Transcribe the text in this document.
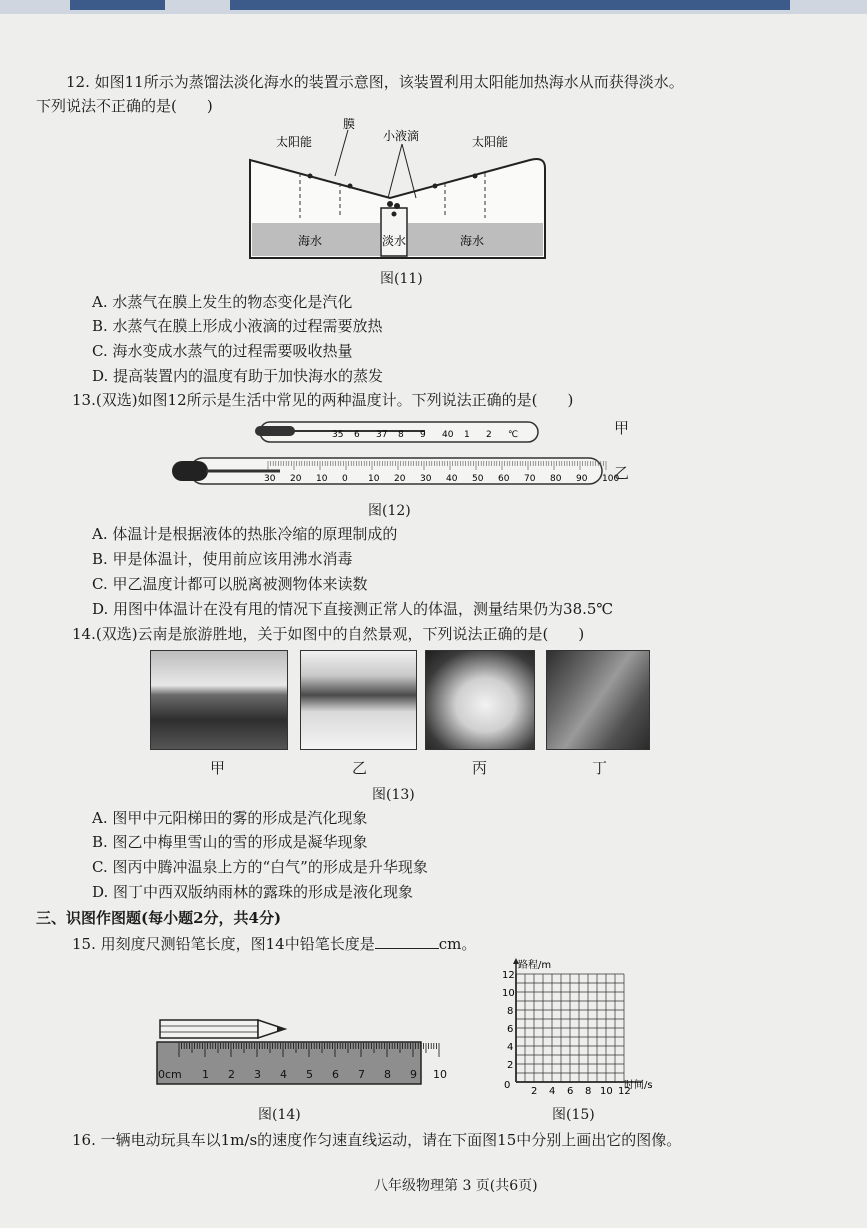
12. 如图11所示为蒸馏法淡化海水的装置示意图，该装置利用太阳能加热海水从而获得淡水。
下列说法不正确的是(　　)
太阳能
膜
小液滴	太阳能
海水	淡水	海水
图(11)
A. 水蒸气在膜上发生的物态变化是汽化
B. 水蒸气在膜上形成小液滴的过程需要放热
C. 海水变成水蒸气的过程需要吸收热量
D. 提高装置内的温度有助于加快海水的蒸发
13.(双选)如图12所示是生活中常见的两种温度计。下列说法正确的是(　　)
35 6 37 8 9 40 1 2 ℃
30 20 10 0 10 20 30 40 50 60 70 80 90 100
甲
乙
图(12)
A. 体温计是根据液体的热胀冷缩的原理制成的
B. 甲是体温计，使用前应该用沸水消毒
C. 甲乙温度计都可以脱离被测物体来读数
D. 用图中体温计在没有甩的情况下直接测正常人的体温，测量结果仍为38.5℃
14.(双选)云南是旅游胜地，关于如图中的自然景观，下列说法正确的是(　　)
甲	乙	丙	丁
图(13)
A. 图甲中元阳梯田的雾的形成是汽化现象
B. 图乙中梅里雪山的雪的形成是凝华现象
C. 图丙中腾冲温泉上方的“白气”的形成是升华现象
D. 图丁中西双版纳雨林的露珠的形成是液化现象
三、识图作图题(每小题2分，共4分)
15. 用刻度尺测铅笔长度，图14中铅笔长度是	cm。
0cm 1 2 3 4 5 6 7 8 9 10
图(14)
2 4 6 8 10 12
2
4
6
8
10
12
0
路程/m
时间/s
图(15)
16. 一辆电动玩具车以1m/s的速度作匀速直线运动，请在下面图15中分别上画出它的图像。
八年级物理第 3 页(共6页)
